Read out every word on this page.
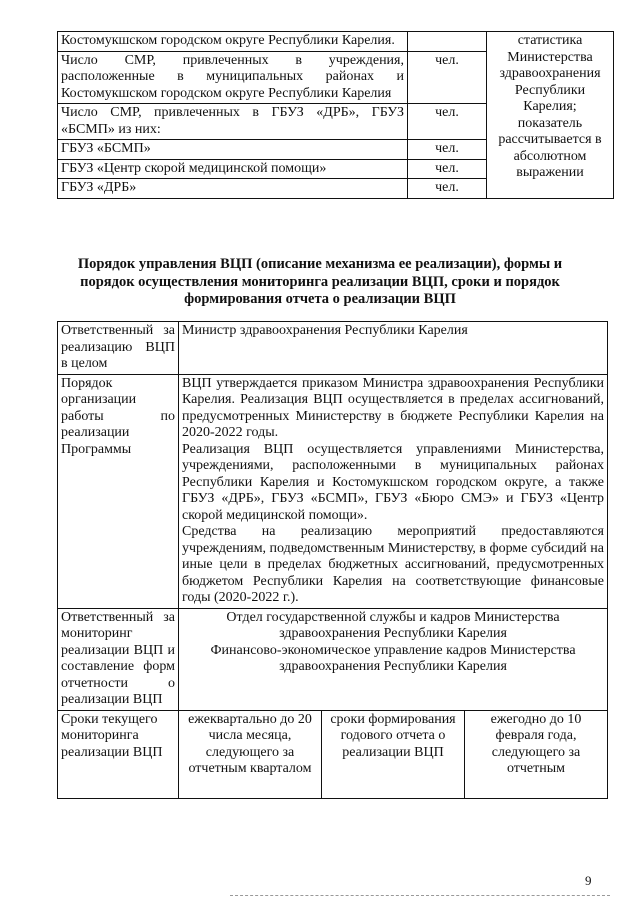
Костомукшском городском округе Республики Карелия.		статистика Министерства здравоохранения Республики Карелия; показатель рассчитывается в абсолютном выражении
Число СМР, привлеченных в учреждения, расположенные в муниципальных районах и Костомукшском городском округе Республики Карелия	чел.	
Число СМР, привлеченных в ГБУЗ «ДРБ», ГБУЗ «БСМП» из них:	чел.	
ГБУЗ «БСМП»	чел.	
ГБУЗ «Центр скорой медицинской помощи»	чел.	
ГБУЗ «ДРБ»	чел.	
Порядок управления ВЦП (описание механизма ее реализации), формы и порядок осуществления мониторинга реализации ВЦП, сроки и порядок формирования отчета о реализации ВЦП
Ответственный за реализацию ВЦП в целом	Министр здравоохранения Республики Карелия		
Порядок организации работы по реализации Программы	ВЦП утверждается приказом Министра здравоохранения Республики Карелия. Реализация ВЦП осуществляется в пределах ассигнований, предусмотренных Министерству в бюджете Республики Карелия на 2020-2022 годы.
Реализация ВЦП осуществляется управлениями Министерства, учреждениями, расположенными в муниципальных районах Республики Карелия и Костомукшском городском округе, а также ГБУЗ «ДРБ», ГБУЗ «БСМП», ГБУЗ «Бюро СМЭ» и ГБУЗ «Центр скорой медицинской помощи».
Средства на реализацию мероприятий предоставляются учреждениям, подведомственным Министерству, в форме субсидий на иные цели в пределах бюджетных ассигнований, предусмотренных бюджетом Республики Карелия на соответствующие финансовые годы (2020-2022 г.).		

Ответственный за мониторинг реализации ВЦП и составление форм отчетности о реализации ВЦП	Отдел государственной службы и кадров Министерства здравоохранения Республики Карелия
Финансово-экономическое управление кадров Министерства здравоохранения Республики Карелия		

Сроки текущего мониторинга реализации ВЦП	ежеквартально до 20 числа месяца, следующего за отчетным кварталом	сроки формирования годового отчета о реализации ВЦП	ежегодно до 10 февраля года, следующего за отчетным
9
